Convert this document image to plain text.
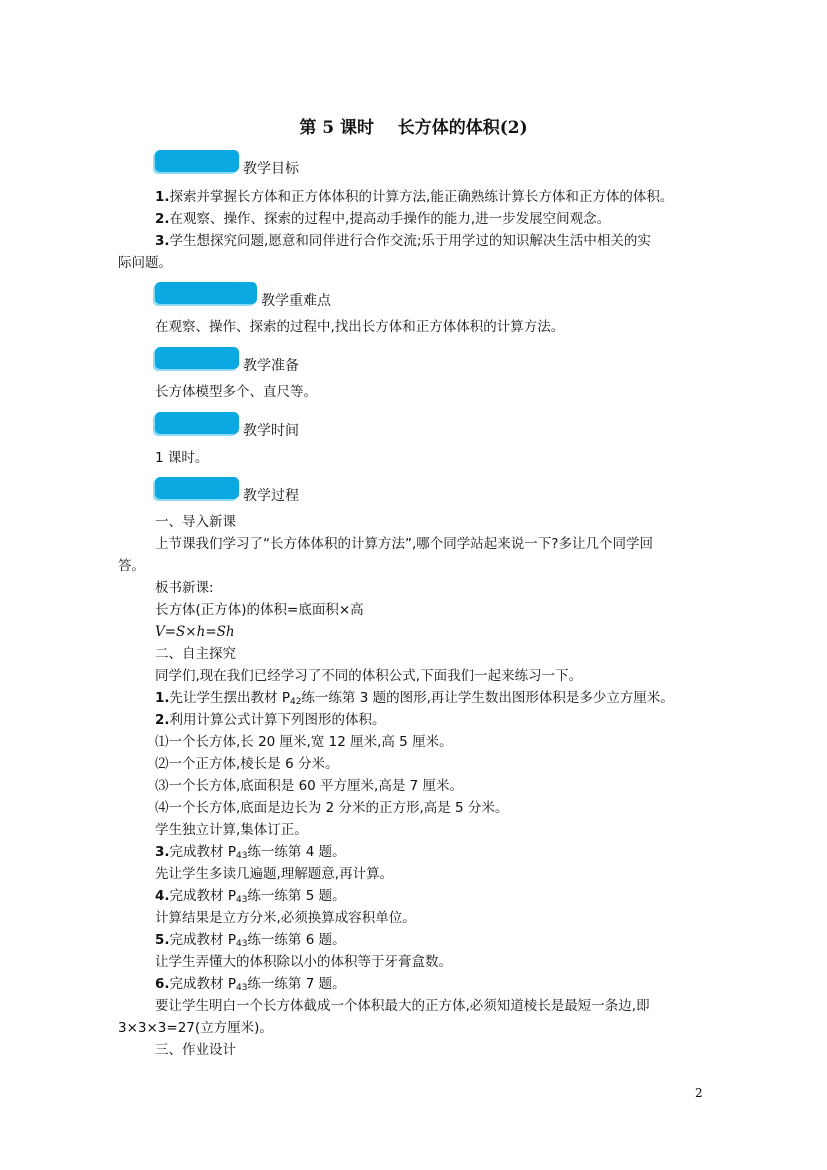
第 5 课时    长方体的体积(2)
教学目标
1.探索并掌握长方体和正方体体积的计算方法,能正确熟练计算长方体和正方体的体积。
2.在观察、操作、探索的过程中,提高动手操作的能力,进一步发展空间观念。
3.学生想探究问题,愿意和同伴进行合作交流;乐于用学过的知识解决生活中相关的实
际问题。
教学重难点
在观察、操作、探索的过程中,找出长方体和正方体体积的计算方法。
教学准备
长方体模型多个、直尺等。
教学时间
1 课时。
教学过程
一、导入新课
上节课我们学习了“长方体体积的计算方法”,哪个同学站起来说一下?多让几个同学回
答。
板书新课:
长方体(正方体)的体积=底面积×高
V=S×h=Sh
二、自主探究
同学们,现在我们已经学习了不同的体积公式,下面我们一起来练习一下。
1.先让学生摆出教材 $P_{42}$练一练第 3 题的图形,再让学生数出图形体积是多少立方厘米。
2.利用计算公式计算下列图形的体积。
⑴一个长方体,长 20 厘米,宽 12 厘米,高 5 厘米。
⑵一个正方体,棱长是 6 分米。
⑶一个长方体,底面积是 60 平方厘米,高是 7 厘米。
⑷一个长方体,底面是边长为 2 分米的正方形,高是 5 分米。
学生独立计算,集体订正。
3.完成教材 $P_{43}$练一练第 4 题。
先让学生多读几遍题,理解题意,再计算。
4.完成教材 $P_{43}$练一练第 5 题。
计算结果是立方分米,必须换算成容积单位。
5.完成教材 $P_{43}$练一练第 6 题。
让学生弄懂大的体积除以小的体积等于牙膏盒数。
6.完成教材 $P_{43}$练一练第 7 题。
要让学生明白一个长方体截成一个体积最大的正方体,必须知道棱长是最短一条边,即
3×3×3=27(立方厘米)。
三、作业设计
2
